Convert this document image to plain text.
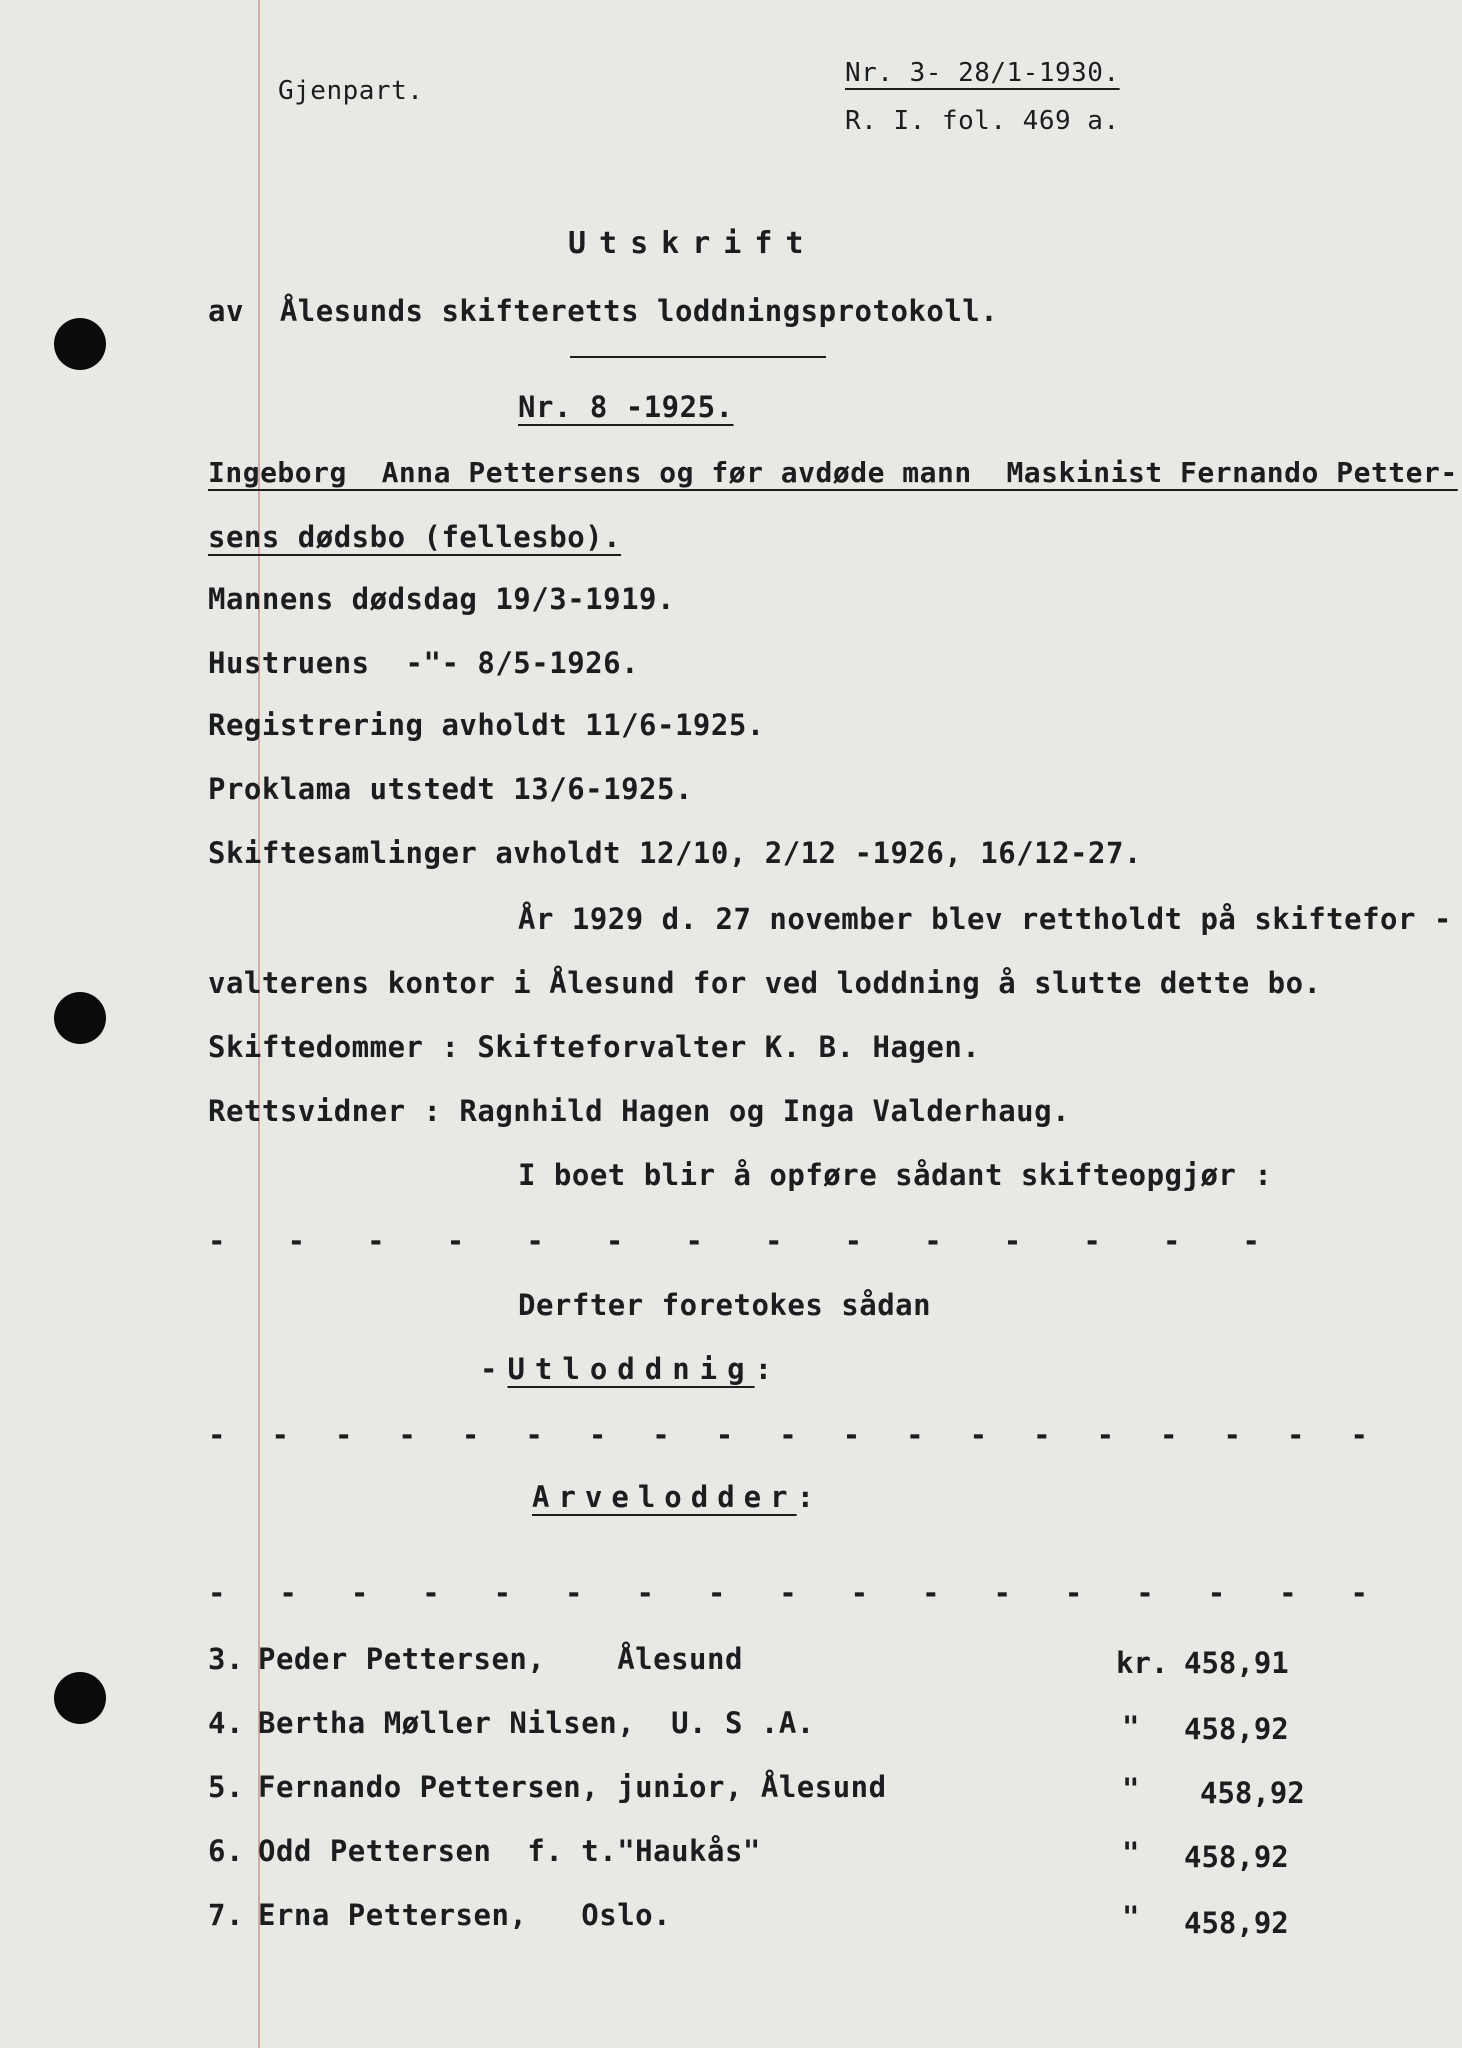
Gjenpart.
Nr. 3- 28/1-1930.
R. I. fol. 469 a.
Utskrift
av  Ålesunds skifteretts loddningsprotokoll.
Nr. 8 -1925.
Ingeborg  Anna Pettersens og før avdøde mann  Maskinist Fernando Petter-
sens dødsbo (fellesbo).
Mannens dødsdag 19/3-1919.
Hustruens  -"- 8/5-1926.
Registrering avholdt 11/6-1925.
Proklama utstedt 13/6-1925.
Skiftesamlinger avholdt 12/10, 2/12 -1926, 16/12-27.
År 1929 d. 27 november blev rettholdt på skiftefor -
valterens kontor i Ålesund for ved loddning å slutte dette bo.
Skiftedommer : Skifteforvalter K. B. Hagen.
Rettsvidner : Ragnhild Hagen og Inga Valderhaug.
I boet blir å opføre sådant skifteopgjør :
- - - - - - - - - - - - - -
Derfter foretokes sådan
-Utloddnig:
- - - - - - - - - - - - - - - - - - -
Arvelodder:
- - - - - - - - - - - - - - - - -
3. Peder Pettersen,    Ålesund	kr. 458,91
4. Bertha Møller Nilsen,  U. S .A.	" 458,92
5. Fernando Pettersen, junior, Ålesund	" 458,92
6. Odd Pettersen  f. t."Haukås"	" 458,92
7. Erna Pettersen,   Oslo.	" 458,92
